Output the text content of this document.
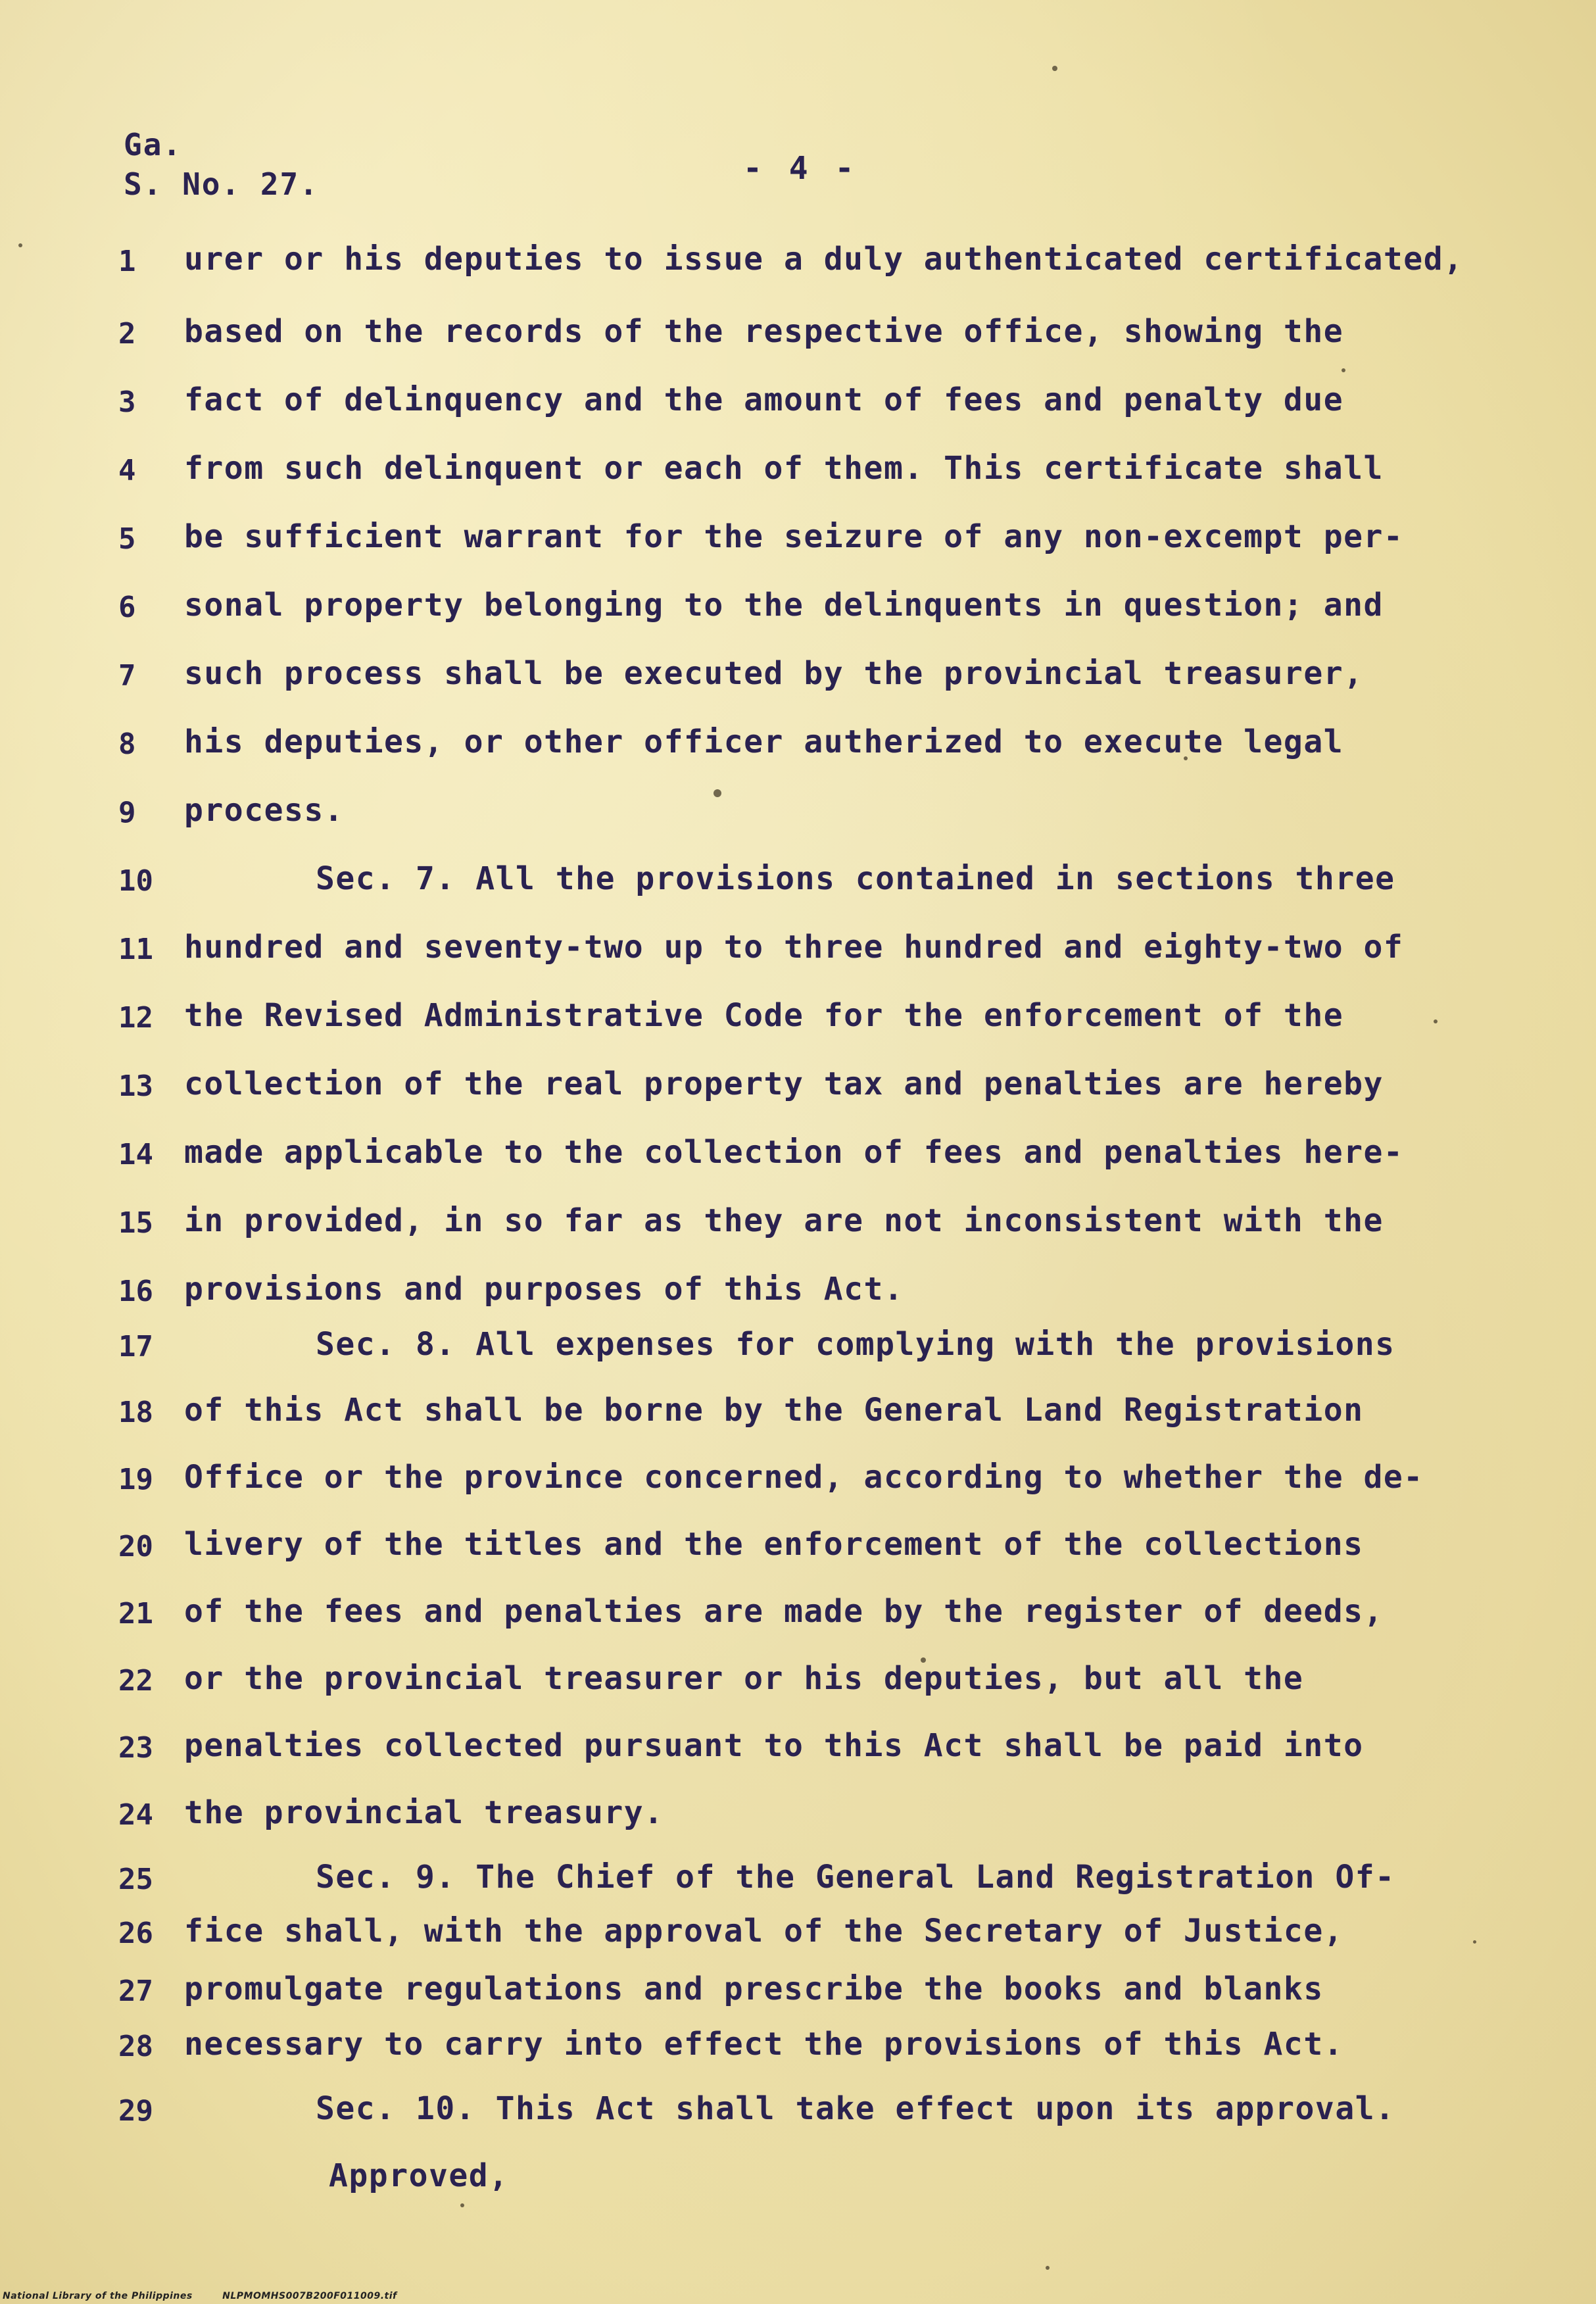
Ga.
S. No. 27.	- 4 -
1	urer or his deputies to issue a duly authenticated certificated,
2	based on the records of the respective office, showing the
3	fact of delinquency and the amount of fees and penalty due
4	from such delinquent or each of them. This certificate shall
5	be sufficient warrant for the seizure of any non-excempt per-
6	sonal property belonging to the delinquents in question; and
7	such process shall be executed by the provincial treasurer,
8	his deputies, or other officer autherized to execute legal
9	process.
10	Sec. 7. All the provisions contained in sections three
11 hundred and seventy-two up to three hundred and eighty-two of
12 the Revised Administrative Code for the enforcement of the
13 collection of the real property tax and penalties are hereby
14 made applicable to the collection of fees and penalties here-
15 in provided, in so far as they are not inconsistent with the
16 provisions and purposes of this Act.
17	Sec. 8. All expenses for complying with the provisions
18 of this Act shall be borne by the General Land Registration
19 Office or the province concerned, according to whether the de-
20 livery of the titles and the enforcement of the collections
21 of the fees and penalties are made by the register of deeds,
22 or the provincial treasurer or his deputies, but all the
23 penalties collected pursuant to this Act shall be paid into
24 the provincial treasury.
25	Sec. 9. The Chief of the General Land Registration Of-
26 fice shall, with the approval of the Secretary of Justice,
27 promulgate regulations and prescribe the books and blanks
28 necessary to carry into effect the provisions of this Act.
29	Sec. 10. This Act shall take effect upon its approval.
Approved,
National Library of the Philippines	NLPMOMHS007B200F011009.tif
